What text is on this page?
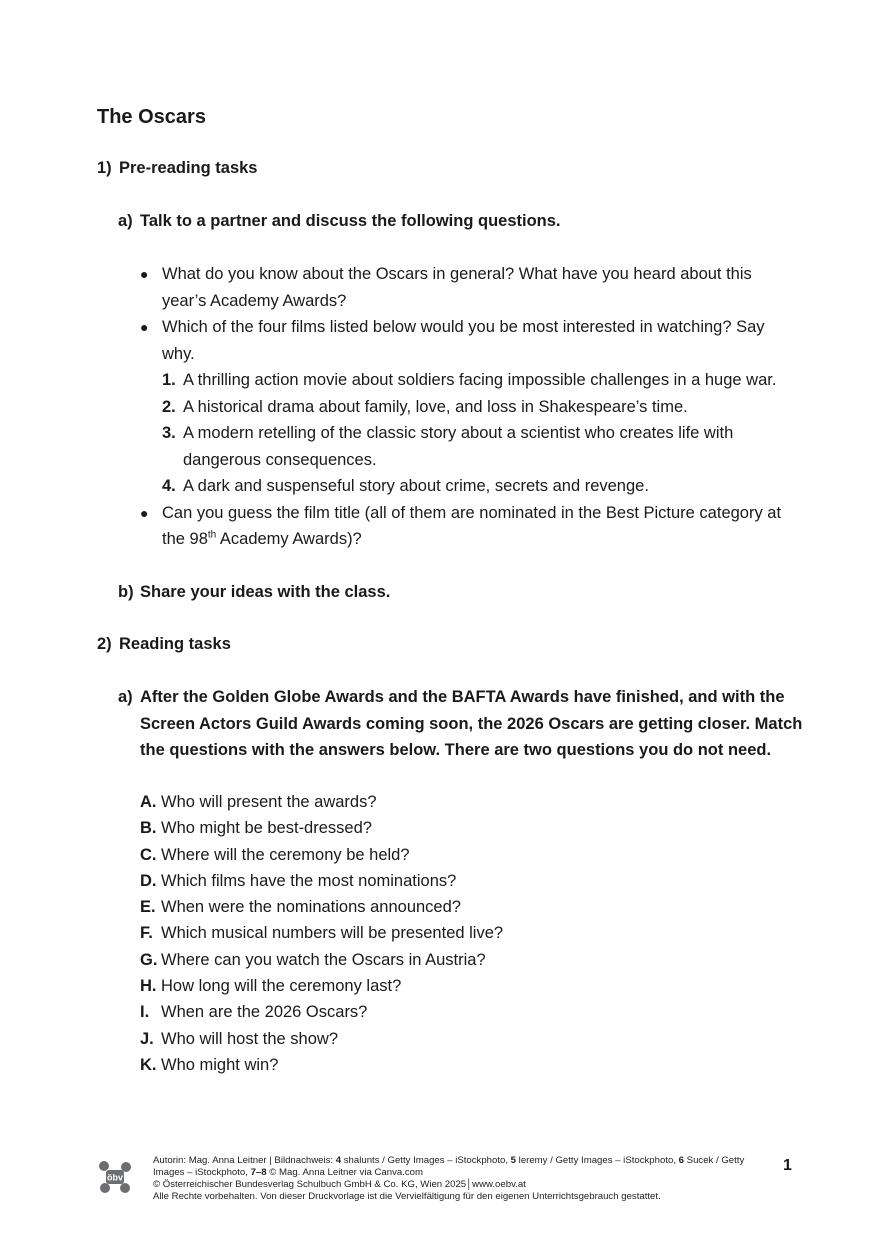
The Oscars
1) Pre-reading tasks
a) Talk to a partner and discuss the following questions.
● What do you know about the Oscars in general? What have you heard about this year’s Academy Awards?
● Which of the four films listed below would you be most interested in watching? Say why.
1. A thrilling action movie about soldiers facing impossible challenges in a huge war.
2. A historical drama about family, love, and loss in Shakespeare’s time.
3. A modern retelling of the classic story about a scientist who creates life with dangerous consequences.
4. A dark and suspenseful story about crime, secrets and revenge.
● Can you guess the film title (all of them are nominated in the Best Picture category at the 98th Academy Awards)?
b) Share your ideas with the class.
2) Reading tasks
a) After the Golden Globe Awards and the BAFTA Awards have finished, and with the Screen Actors Guild Awards coming soon, the 2026 Oscars are getting closer. Match the questions with the answers below. There are two questions you do not need.
A. Who will present the awards?
B. Who might be best-dressed?
C. Where will the ceremony be held?
D. Which films have the most nominations?
E. When were the nominations announced?
F. Which musical numbers will be presented live?
G. Where can you watch the Oscars in Austria?
H. How long will the ceremony last?
I. When are the 2026 Oscars?
J. Who will host the show?
K. Who might win?
öbv

Autorin: Mag. Anna Leitner | Bildnachweis: 4 shalunts / Getty Images – iStockphoto, 5 leremy / Getty Images – iStockphoto, 6 Sucek / Getty Images – iStockphoto, 7–8 © Mag. Anna Leitner via Canva.com

© Österreichischer Bundesverlag Schulbuch GmbH & Co. KG, Wien 2025│www.oebv.at

Alle Rechte vorbehalten. Von dieser Druckvorlage ist die Vervielfältigung für den eigenen Unterrichtsgebrauch gestattet.

1
